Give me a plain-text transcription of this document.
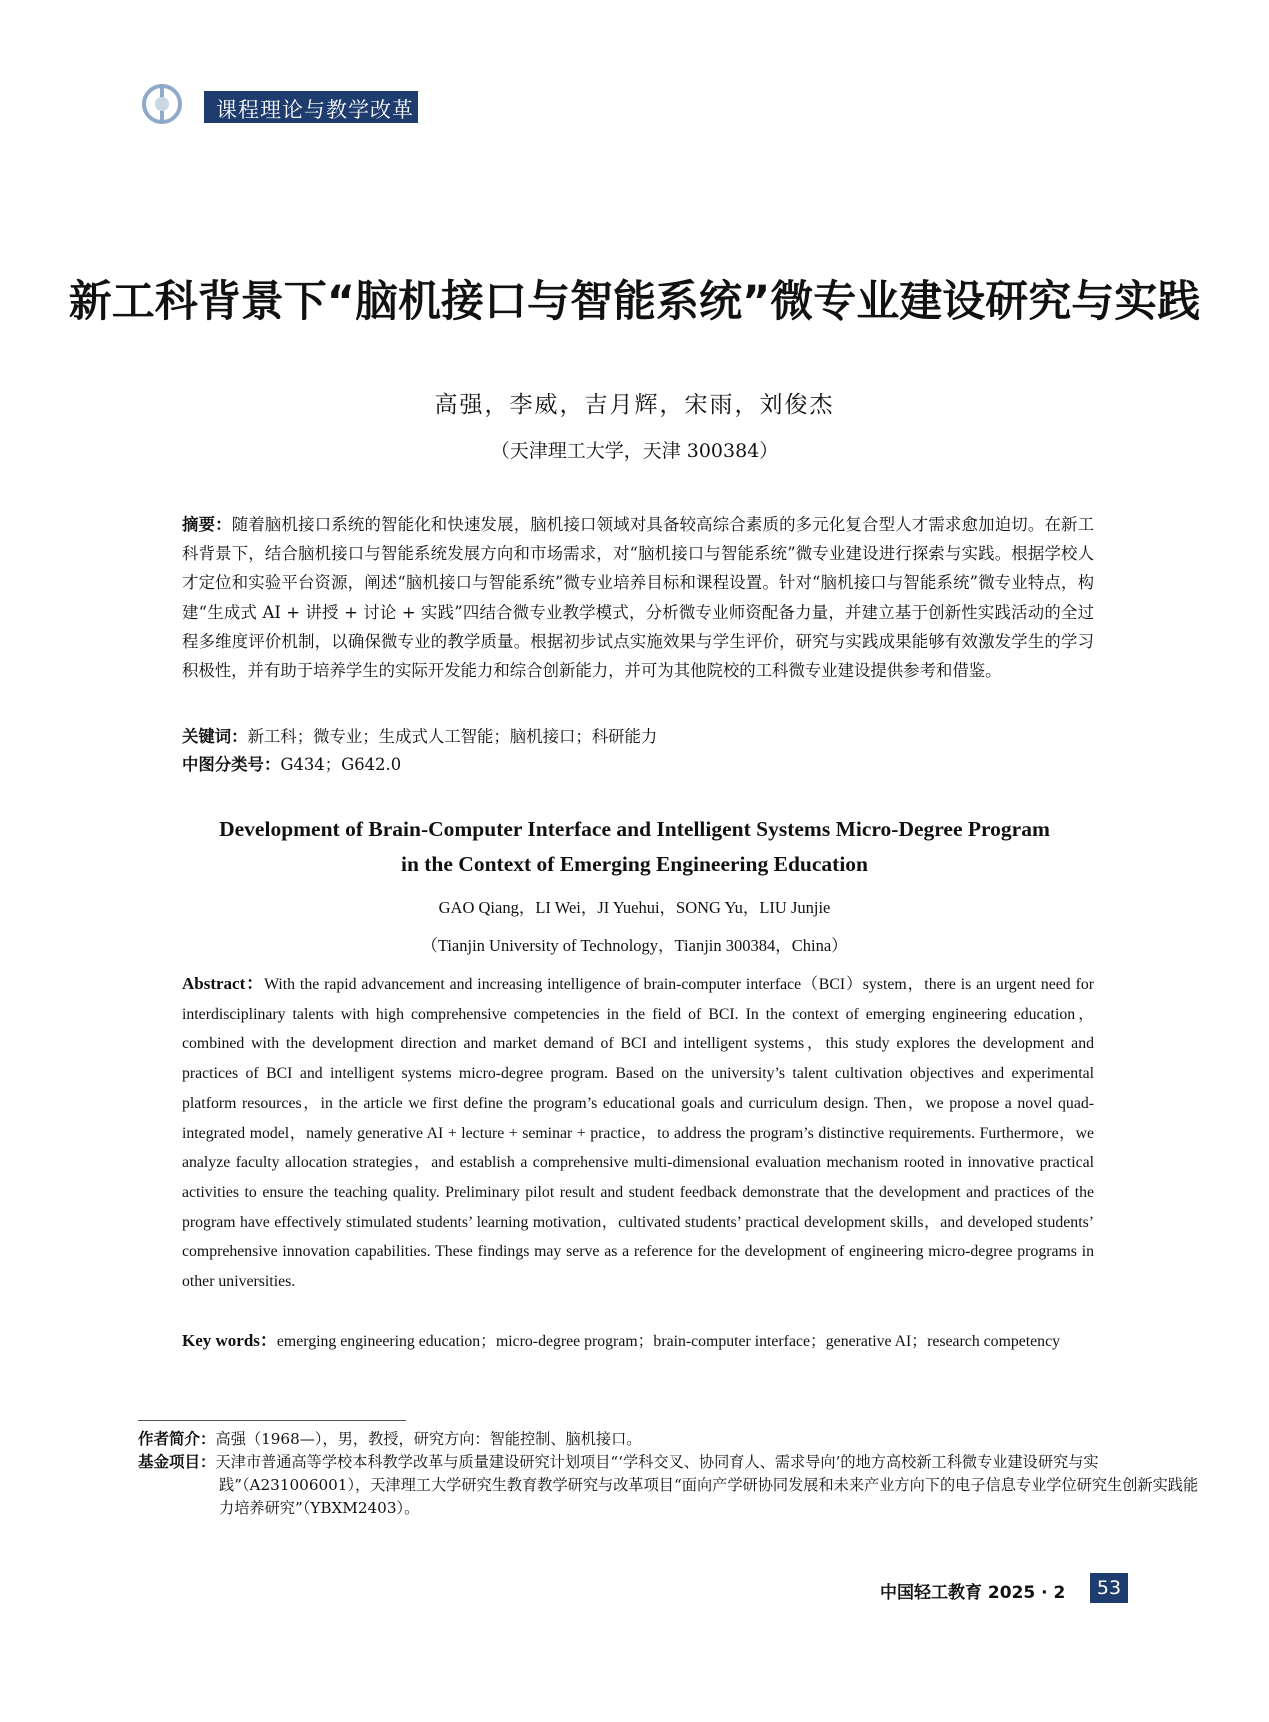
课程理论与教学改革
新工科背景下“脑机接口与智能系统”微专业建设研究与实践
高强，李威，吉月辉，宋雨，刘俊杰
（天津理工大学，天津 300384）
摘要：随着脑机接口系统的智能化和快速发展，脑机接口领域对具备较高综合素质的多元化复合型人才需求愈加迫切。在新工科背景下，结合脑机接口与智能系统发展方向和市场需求，对“脑机接口与智能系统”微专业建设进行探索与实践。根据学校人才定位和实验平台资源，阐述“脑机接口与智能系统”微专业培养目标和课程设置。针对“脑机接口与智能系统”微专业特点，构建“生成式 AI + 讲授 + 讨论 + 实践”四结合微专业教学模式，分析微专业师资配备力量，并建立基于创新性实践活动的全过程多维度评价机制，以确保微专业的教学质量。根据初步试点实施效果与学生评价，研究与实践成果能够有效激发学生的学习积极性，并有助于培养学生的实际开发能力和综合创新能力，并可为其他院校的工科微专业建设提供参考和借鉴。
关键词：新工科；微专业；生成式人工智能；脑机接口；科研能力
中图分类号：G434；G642.0
Development of Brain-Computer Interface and Intelligent Systems Micro-Degree Program
in the Context of Emerging Engineering Education
GAO Qiang，LI Wei，JI Yuehui，SONG Yu，LIU Junjie
（Tianjin University of Technology，Tianjin 300384，China）
Abstract：With the rapid advancement and increasing intelligence of brain-computer interface（BCI）system，there is an urgent need for interdisciplinary talents with high comprehensive competencies in the field of BCI. In the context of emerging engineering education，combined with the development direction and market demand of BCI and intelligent systems，this study explores the development and practices of BCI and intelligent systems micro-degree program. Based on the university’s talent cultivation objectives and experimental platform resources，in the article we first define the program’s educational goals and curriculum design. Then，we propose a novel quad-integrated model，namely generative AI + lecture + seminar + practice，to address the program’s distinctive requirements. Furthermore，we analyze faculty allocation strategies，and establish a comprehensive multi-dimensional evaluation mechanism rooted in innovative practical activities to ensure the teaching quality. Preliminary pilot result and student feedback demonstrate that the development and practices of the program have effectively stimulated students’ learning motivation，cultivated students’ practical development skills，and developed students’ comprehensive innovation capabilities. These findings may serve as a reference for the development of engineering micro-degree programs in other universities.
Key words：emerging engineering education；micro-degree program；brain-computer interface；generative AI；research competency
作者简介：高强（1968—），男，教授，研究方向：智能控制、脑机接口。
基金项目：天津市普通高等学校本科教学改革与质量建设研究计划项目“‘学科交叉、协同育人、需求导向’的地方高校新工科微专业建设研究与实践”（A231006001），天津理工大学研究生教育教学研究与改革项目“面向产学研协同发展和未来产业方向下的电子信息专业学位研究生创新实践能力培养研究”（YBXM2403）。
中国轻工教育 2025 · 2	53
